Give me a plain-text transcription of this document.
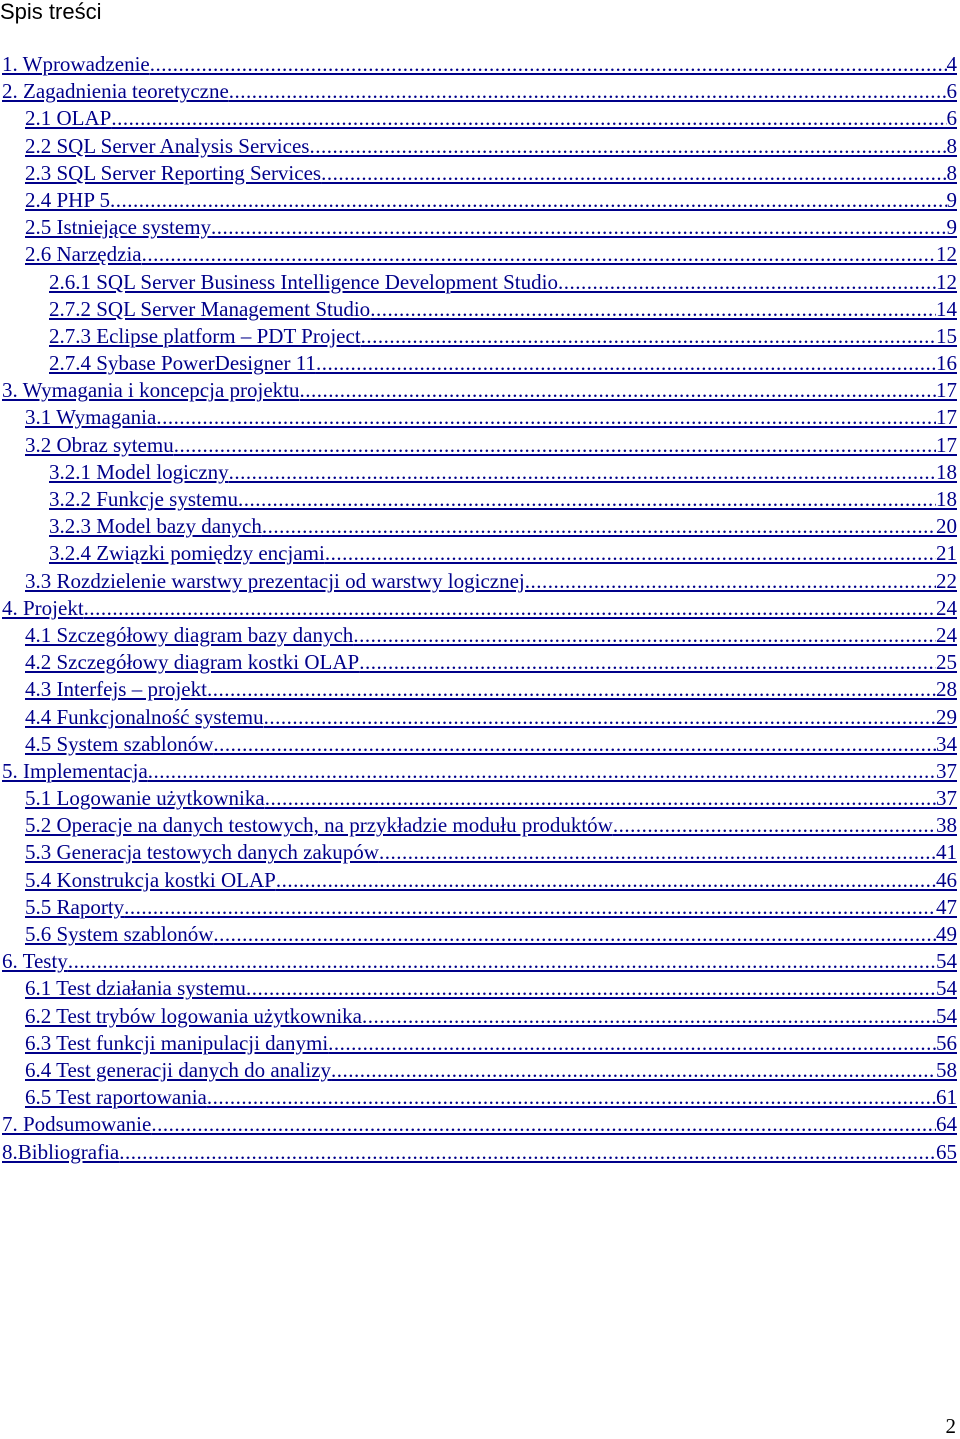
Spis treści
1. Wprowadzenie .....	4
2. Zagadnienia teoretyczne .....	6
2.1 OLAP .....	6
2.2 SQL Server Analysis Services .....	8
2.3 SQL Server Reporting Services .....	8
2.4 PHP 5 .....	9
2.5 Istniejące systemy .....	9
2.6 Narzędzia .....	12
2.6.1 SQL Server Business Intelligence Development Studio .....	12
2.7.2 SQL Server Management Studio .....	14
2.7.3 Eclipse platform – PDT Project .....	15
2.7.4 Sybase PowerDesigner 11 .....	16
3. Wymagania i koncepcja projektu .....	17
3.1 Wymagania .....	17
3.2 Obraz sytemu .....	17
3.2.1 Model logiczny .....	18
3.2.2 Funkcje systemu .....	18
3.2.3 Model bazy danych .....	20
3.2.4 Związki pomiędzy encjami .....	21
3.3 Rozdzielenie warstwy prezentacji od warstwy logicznej .....	22
4. Projekt .....	24
4.1 Szczegółowy diagram bazy danych .....	24
4.2 Szczegółowy diagram kostki OLAP .....	25
4.3 Interfejs – projekt .....	28
4.4 Funkcjonalność systemu .....	29
4.5 System szablonów .....	34
5. Implementacja .....	37
5.1 Logowanie użytkownika .....	37
5.2 Operacje na danych testowych, na przykładzie modułu produktów .....	38
5.3 Generacja testowych danych zakupów .....	41
5.4 Konstrukcja kostki OLAP .....	46
5.5 Raporty .....	47
5.6 System szablonów .....	49
6. Testy .....	54
6.1 Test działania systemu .....	54
6.2 Test trybów logowania użytkownika .....	54
6.3 Test funkcji manipulacji danymi .....	56
6.4 Test generacji danych do analizy .....	58
6.5 Test raportowania .....	61
7. Podsumowanie .....	64
8.Bibliografia .....	65
2
